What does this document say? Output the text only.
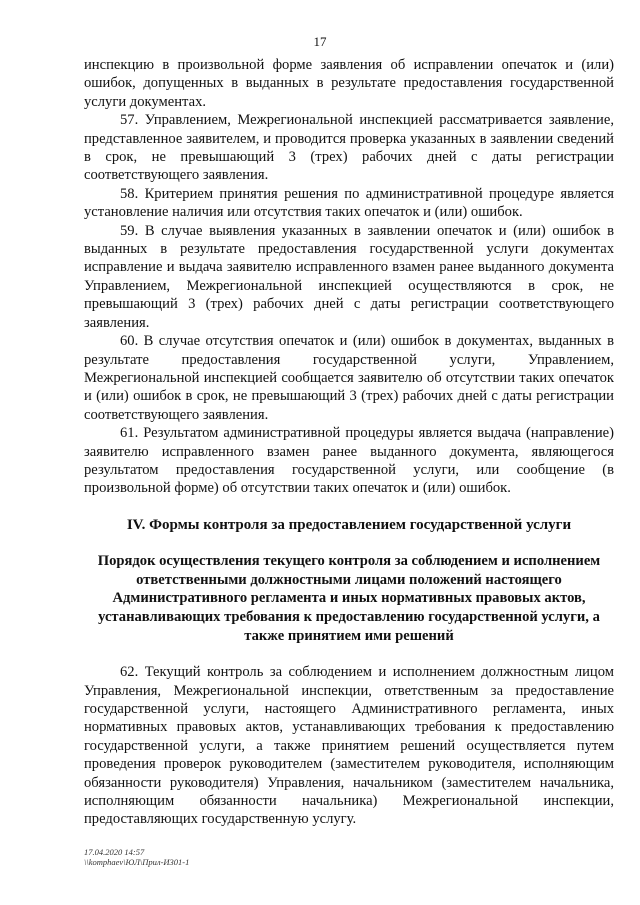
17

инспекцию в произвольной форме заявления об исправлении опечаток и (или) ошибок, допущенных в выданных в результате предоставления государственной услуги документах.

57. Управлением, Межрегиональной инспекцией рассматривается заявление, представленное заявителем, и проводится проверка указанных в заявлении сведений в срок, не превышающий 3 (трех) рабочих дней с даты регистрации соответствующего заявления.

58. Критерием принятия решения по административной процедуре является установление наличия или отсутствия таких опечаток и (или) ошибок.

59. В случае выявления указанных в заявлении опечаток и (или) ошибок в выданных в результате предоставления государственной услуги документах исправление и выдача заявителю исправленного взамен ранее выданного документа Управлением, Межрегиональной инспекцией осуществляются в срок, не превышающий 3 (трех) рабочих дней с даты регистрации соответствующего заявления.

60. В случае отсутствия опечаток и (или) ошибок в документах, выданных в результате предоставления государственной услуги, Управлением, Межрегиональной инспекцией сообщается заявителю об отсутствии таких опечаток и (или) ошибок в срок, не превышающий 3 (трех) рабочих дней с даты регистрации соответствующего заявления.

61. Результатом административной процедуры является выдача (направление) заявителю исправленного взамен ранее выданного документа, являющегося результатом предоставления государственной услуги, или сообщение (в произвольной форме) об отсутствии таких опечаток и (или) ошибок.

IV. Формы контроля за предоставлением государственной услуги

Порядок осуществления текущего контроля за соблюдением и исполнением ответственными должностными лицами положений настоящего Административного регламента и иных нормативных правовых актов, устанавливающих требования к предоставлению государственной услуги, а также принятием ими решений

62. Текущий контроль за соблюдением и исполнением должностным лицом Управления, Межрегиональной инспекции, ответственным за предоставление государственной услуги, настоящего Административного регламента, иных нормативных правовых актов, устанавливающих требования к предоставлению государственной услуги, а также принятием решений осуществляется путем проведения проверок руководителем (заместителем руководителя, исполняющим обязанности руководителя) Управления, начальником (заместителем начальника, исполняющим обязанности начальника) Межрегиональной инспекции, предоставляющих государственную услугу.

17.04.2020 14:57
\\komphaev\ЮЛ\Прил-И301-1
